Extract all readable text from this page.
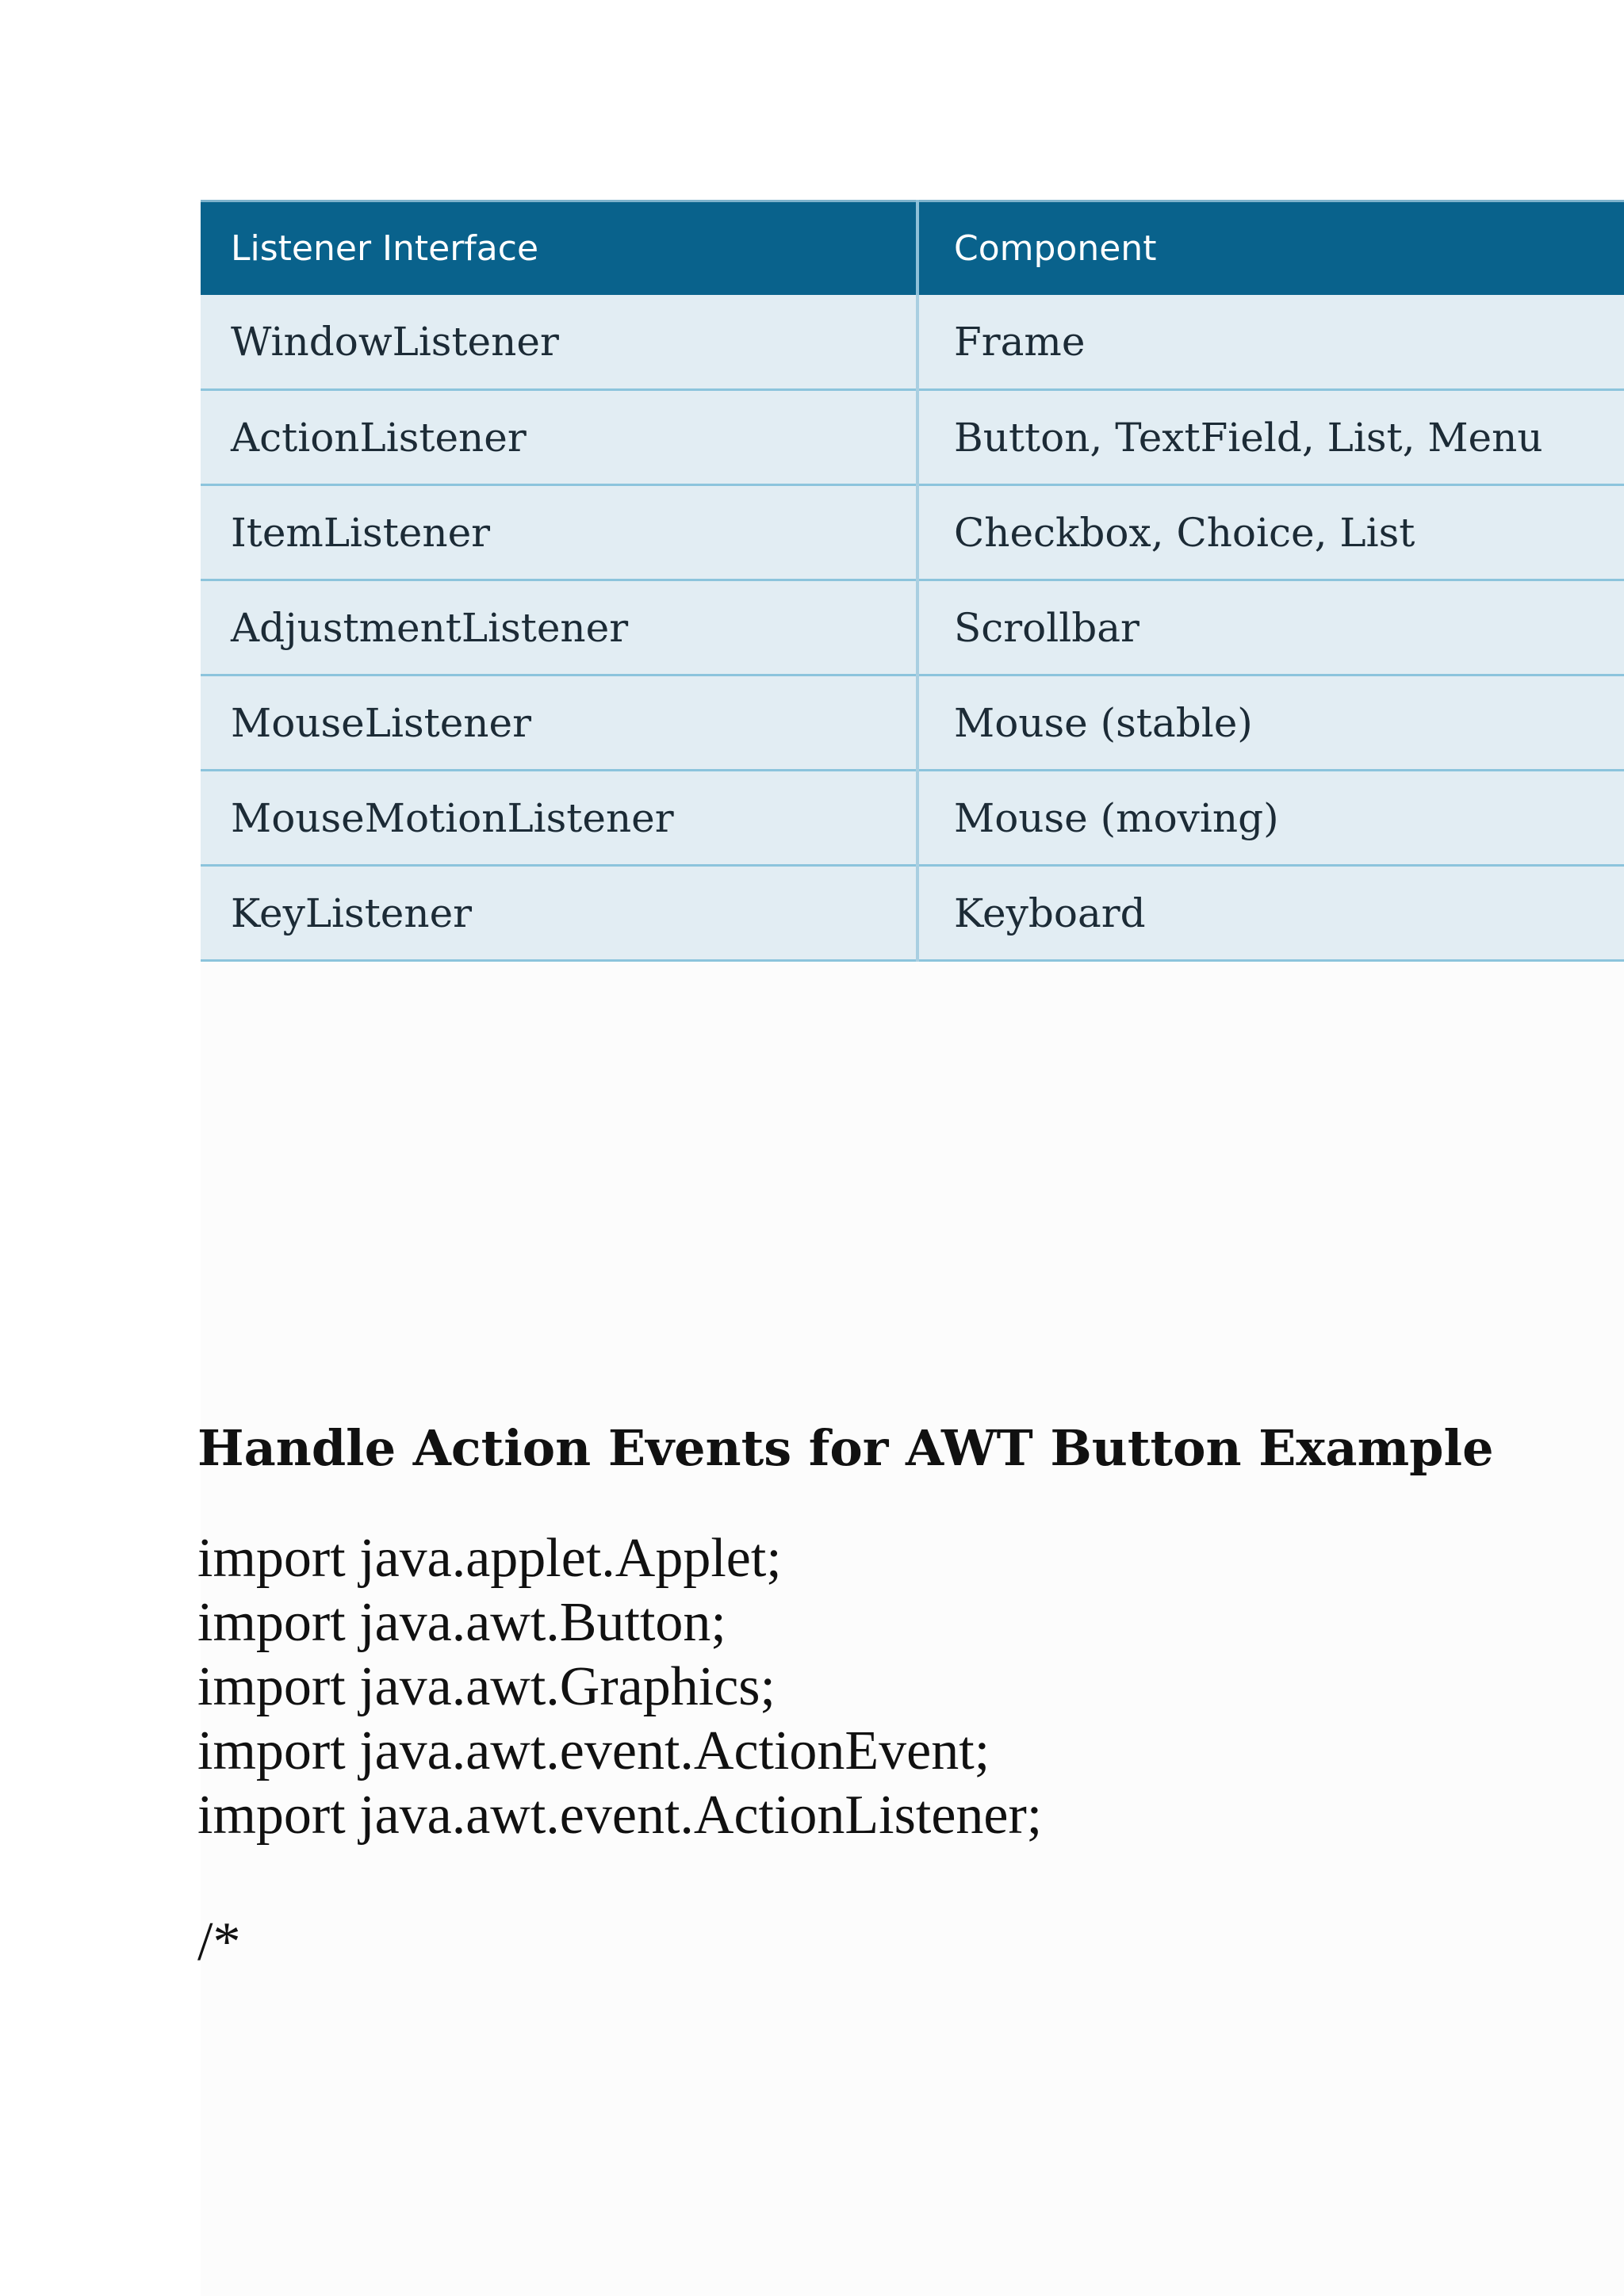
Listener Interface	Component
WindowListener	Frame
ActionListener	Button, TextField, List, Menu
ItemListener	Checkbox, Choice, List
AdjustmentListener	Scrollbar
MouseListener	Mouse (stable)
MouseMotionListener	Mouse (moving)
KeyListener	Keyboard
Handle Action Events for AWT Button Example
import java.applet.Applet;
import java.awt.Button;
import java.awt.Graphics;
import java.awt.event.ActionEvent;
import java.awt.event.ActionListener;
/*
